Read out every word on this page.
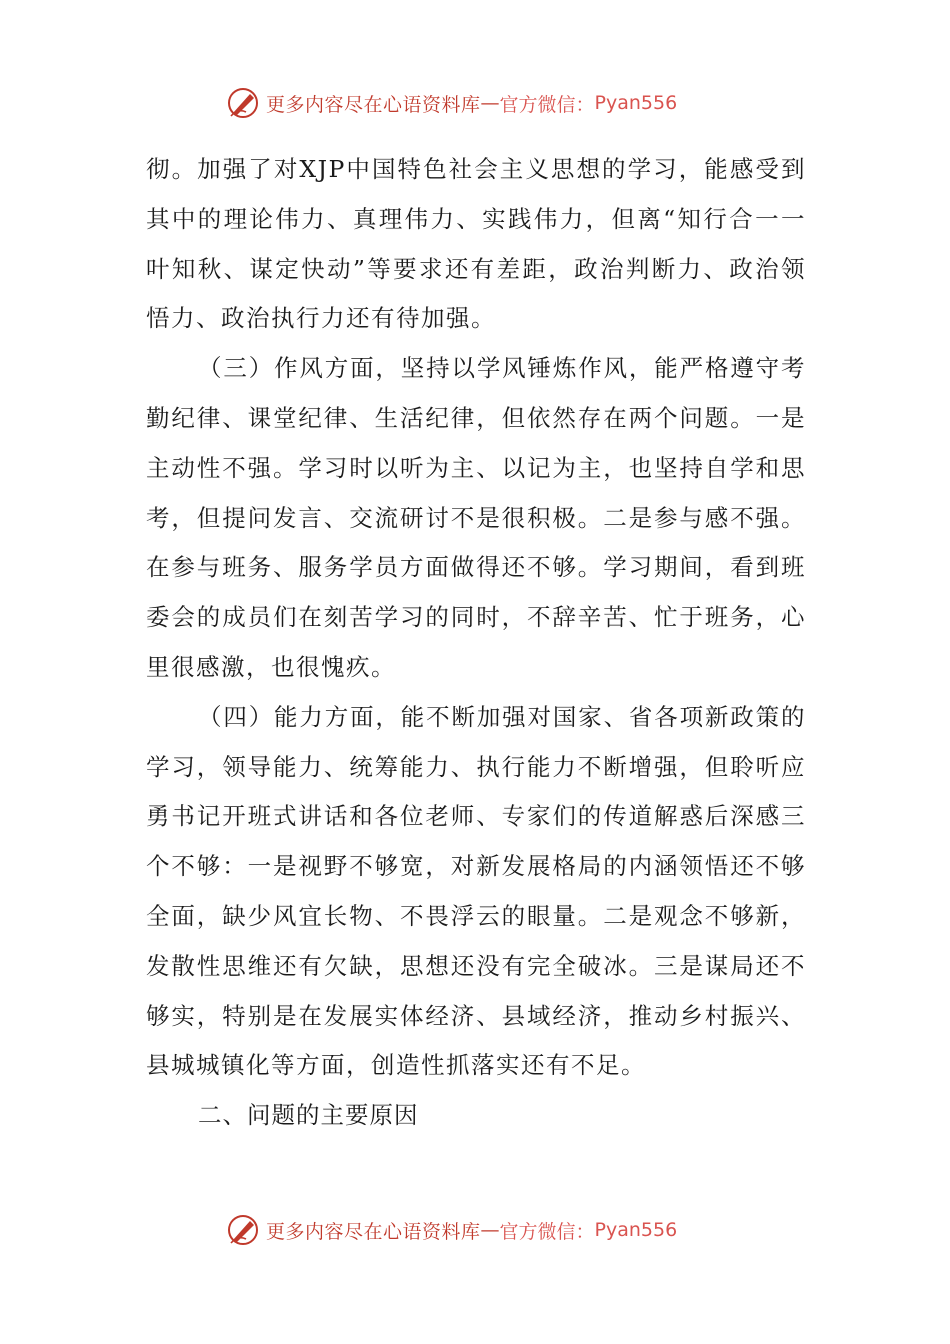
更多内容尽在心语资料库 — 官方微信： Pyan556

彻。加强了对XJP中国特色社会主义思想的学习，能感受到其中的理论伟力、真理伟力、实践伟力，但离“知行合一一叶知秋、谋定快动”等要求还有差距，政治判断力、政治领悟力、政治执行力还有待加强。

（三）作风方面，坚持以学风锤炼作风，能严格遵守考勤纪律、课堂纪律、生活纪律，但依然存在两个问题。一是主动性不强。学习时以听为主、以记为主，也坚持自学和思考，但提问发言、交流研讨不是很积极。二是参与感不强。在参与班务、服务学员方面做得还不够。学习期间，看到班委会的成员们在刻苦学习的同时，不辞辛苦、忙于班务，心里很感激，也很愧疚。

（四）能力方面，能不断加强对国家、省各项新政策的学习，领导能力、统筹能力、执行能力不断增强，但聆听应勇书记开班式讲话和各位老师、专家们的传道解惑后深感三个不够：一是视野不够宽，对新发展格局的内涵领悟还不够全面，缺少风宜长物、不畏浮云的眼量。二是观念不够新，发散性思维还有欠缺，思想还没有完全破冰。三是谋局还不够实，特别是在发展实体经济、县域经济，推动乡村振兴、县城城镇化等方面，创造性抓落实还有不足。

二、问题的主要原因

更多内容尽在心语资料库 — 官方微信： Pyan556
